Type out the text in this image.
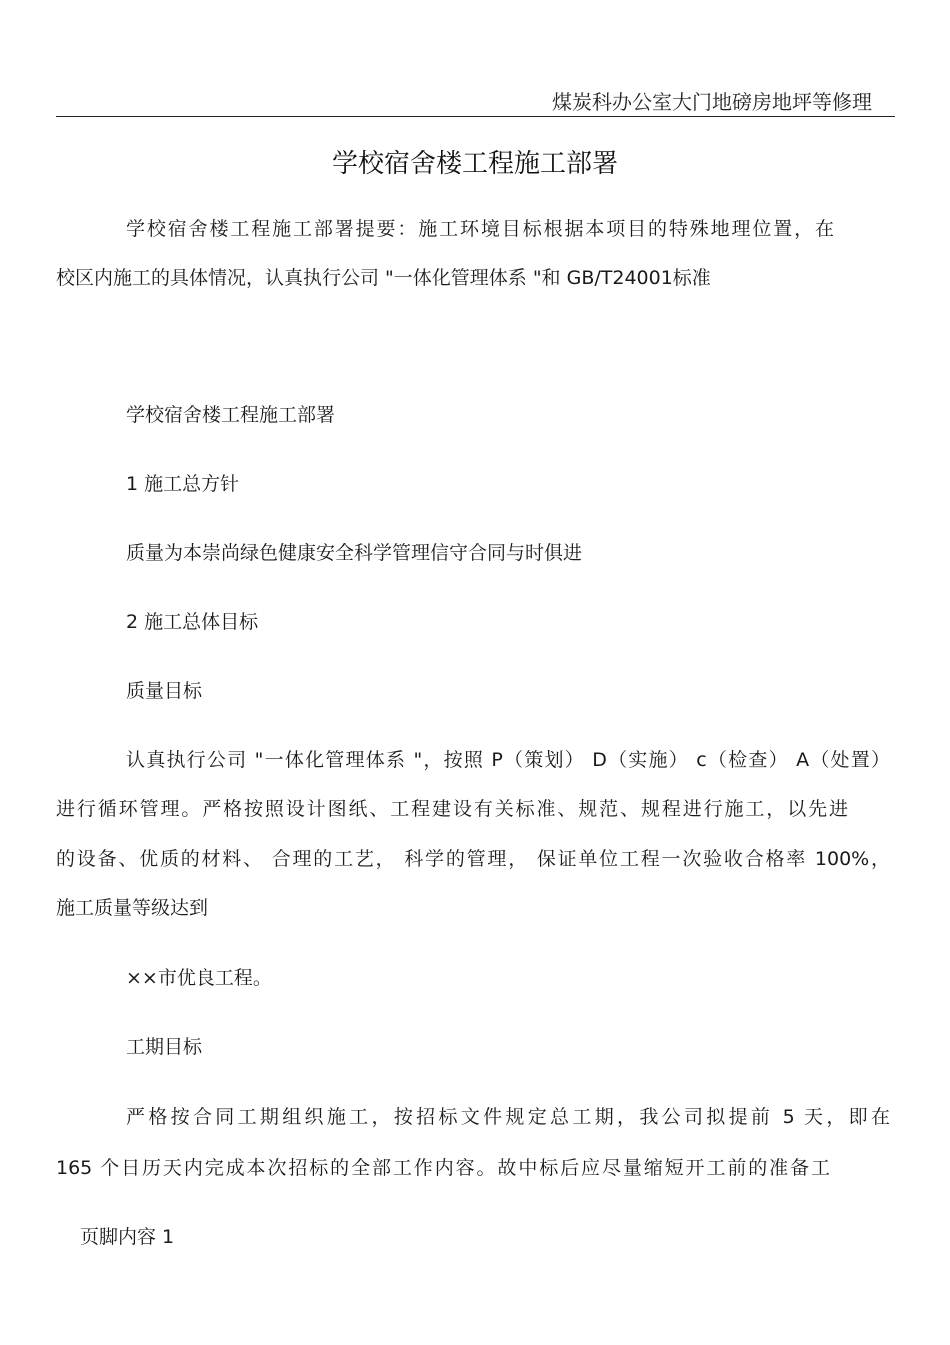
煤炭科办公室大门地磅房地坪等修理
学校宿舍楼工程施工部署
学校宿舍楼工程施工部署提要：施工环境目标根据本项目的特殊地理位置，在
校区内施工的具体情况，认真执行公司 "一体化管理体系 "和 GB/T24001标准
学校宿舍楼工程施工部署
1 施工总方针
质量为本崇尚绿色健康安全科学管理信守合同与时俱进
2 施工总体目标
质量目标
认真执行公司 "一体化管理体系 "，按照 P（策划） D（实施） c（检查） A（处置）
进行循环管理。严格按照设计图纸、工程建设有关标准、规范、规程进行施工，以先进
的设备、优质的材料、 合理的工艺， 科学的管理， 保证单位工程一次验收合格率 100%，
施工质量等级达到
××市优良工程。
工期目标
严格按合同工期组织施工，按招标文件规定总工期，我公司拟提前 5 天，即在
165 个日历天内完成本次招标的全部工作内容。故中标后应尽量缩短开工前的准备工
页脚内容 1
